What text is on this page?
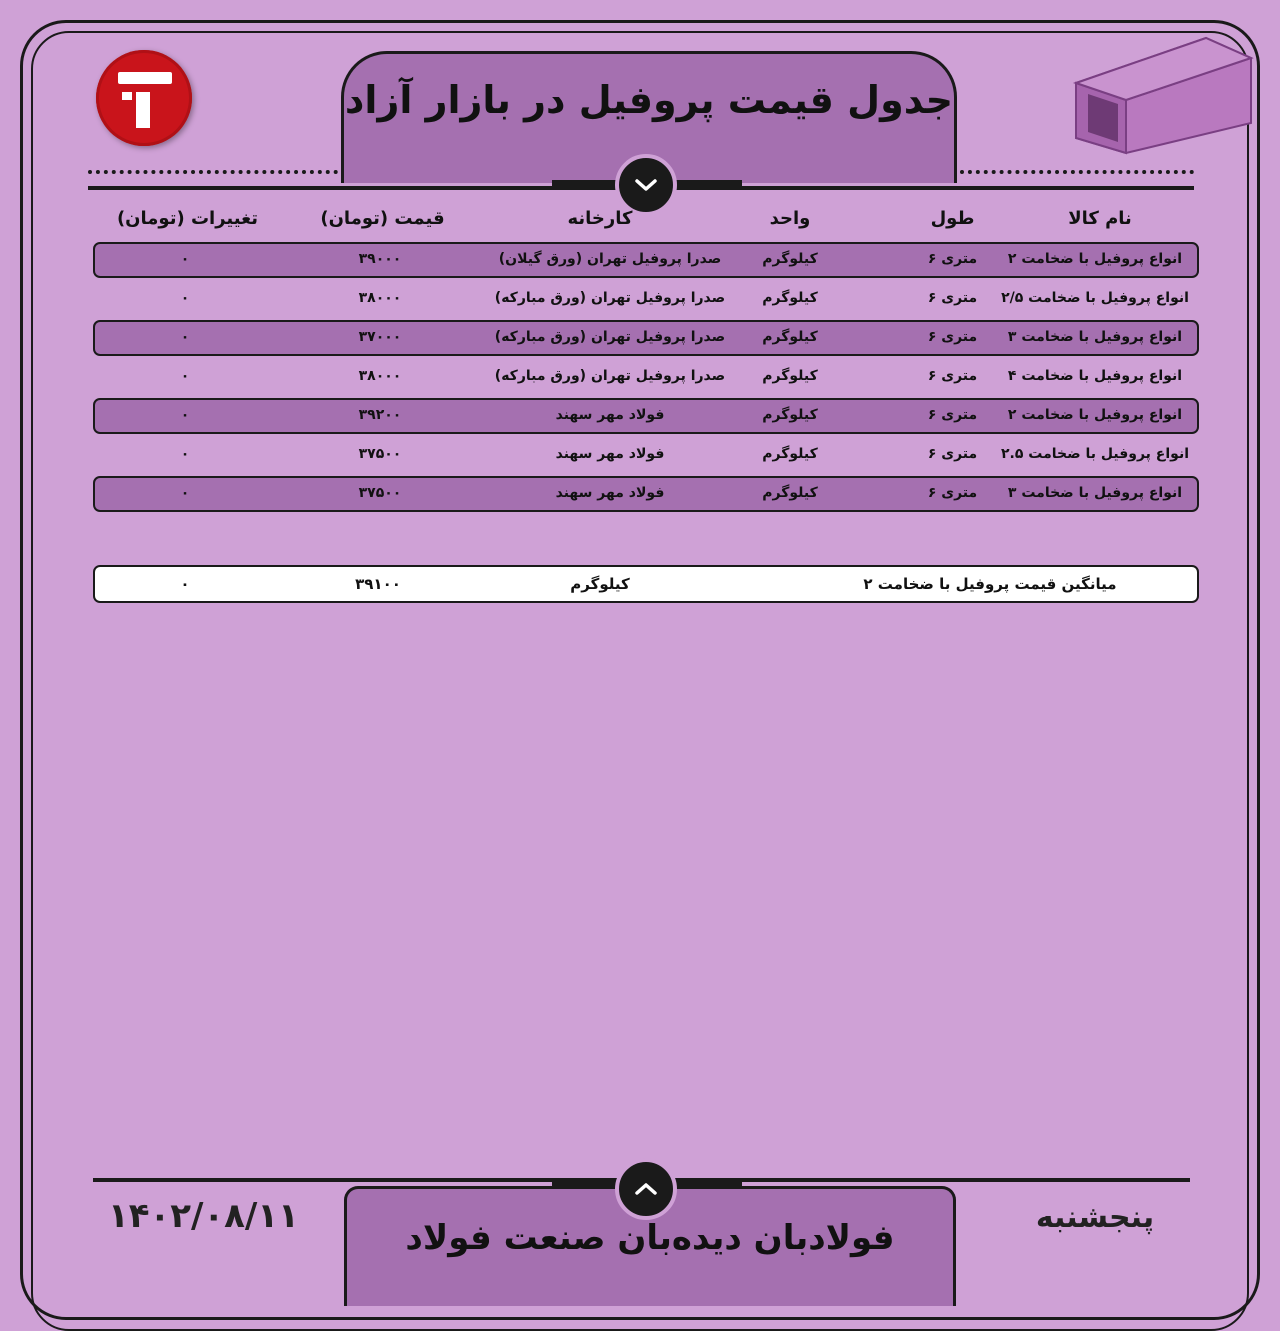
جدول قیمت پروفیل در بازار آزاد
نام کالا
طول
واحد
کارخانه
قیمت (تومان)
تغییرات (تومان)
انواع پروفیل با ضخامت ۲
متری ۶
کیلوگرم
صدرا پروفیل تهران (ورق گیلان)
۳۹۰۰۰
۰
انواع پروفیل با ضخامت ۲/۵
متری ۶
کیلوگرم
صدرا پروفیل تهران (ورق مبارکه)
۳۸۰۰۰
۰
انواع پروفیل با ضخامت ۳
متری ۶
کیلوگرم
صدرا پروفیل تهران (ورق مبارکه)
۳۷۰۰۰
۰
انواع پروفیل با ضخامت ۴
متری ۶
کیلوگرم
صدرا پروفیل تهران (ورق مبارکه)
۳۸۰۰۰
۰
انواع پروفیل با ضخامت ۲
متری ۶
کیلوگرم
فولاد مهر سهند
۳۹۲۰۰
۰
انواع پروفیل با ضخامت ۲.۵
متری ۶
کیلوگرم
فولاد مهر سهند
۳۷۵۰۰
۰
انواع پروفیل با ضخامت ۳
متری ۶
کیلوگرم
فولاد مهر سهند
۳۷۵۰۰
۰
میانگین قیمت پروفیل با ضخامت ۲
کیلوگرم
۳۹۱۰۰
۰
فولادبان دیده‌بان صنعت فولاد
۱۴۰۲/۰۸/۱۱	پنجشنبه
